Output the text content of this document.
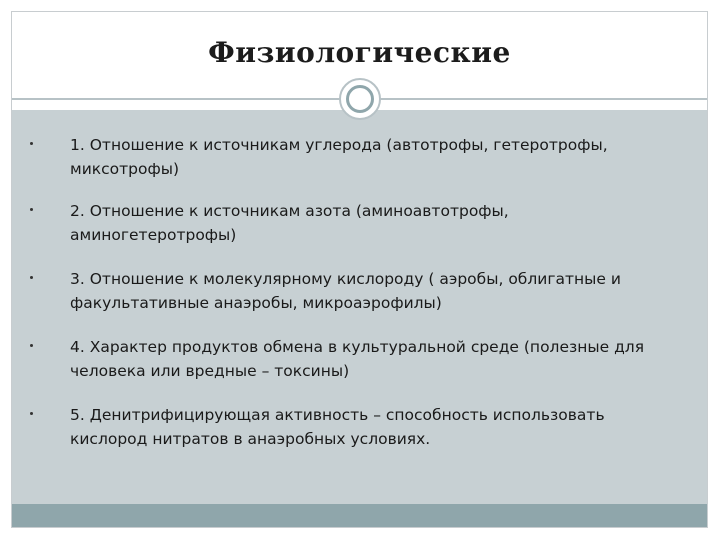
Физиологические
1. Отношение к источникам углерода (автотрофы, гетеротрофы, миксотрофы)
2. Отношение к источникам азота (аминоавтотрофы, аминогетеротрофы)
3. Отношение к молекулярному кислороду ( аэробы, облигатные и факультативные анаэробы, микроаэрофилы)
4. Характер продуктов обмена в культуральной среде (полезные для человека или вредные – токсины)
5. Денитрифицирующая активность – способность использовать кислород нитратов в анаэробных условиях.
